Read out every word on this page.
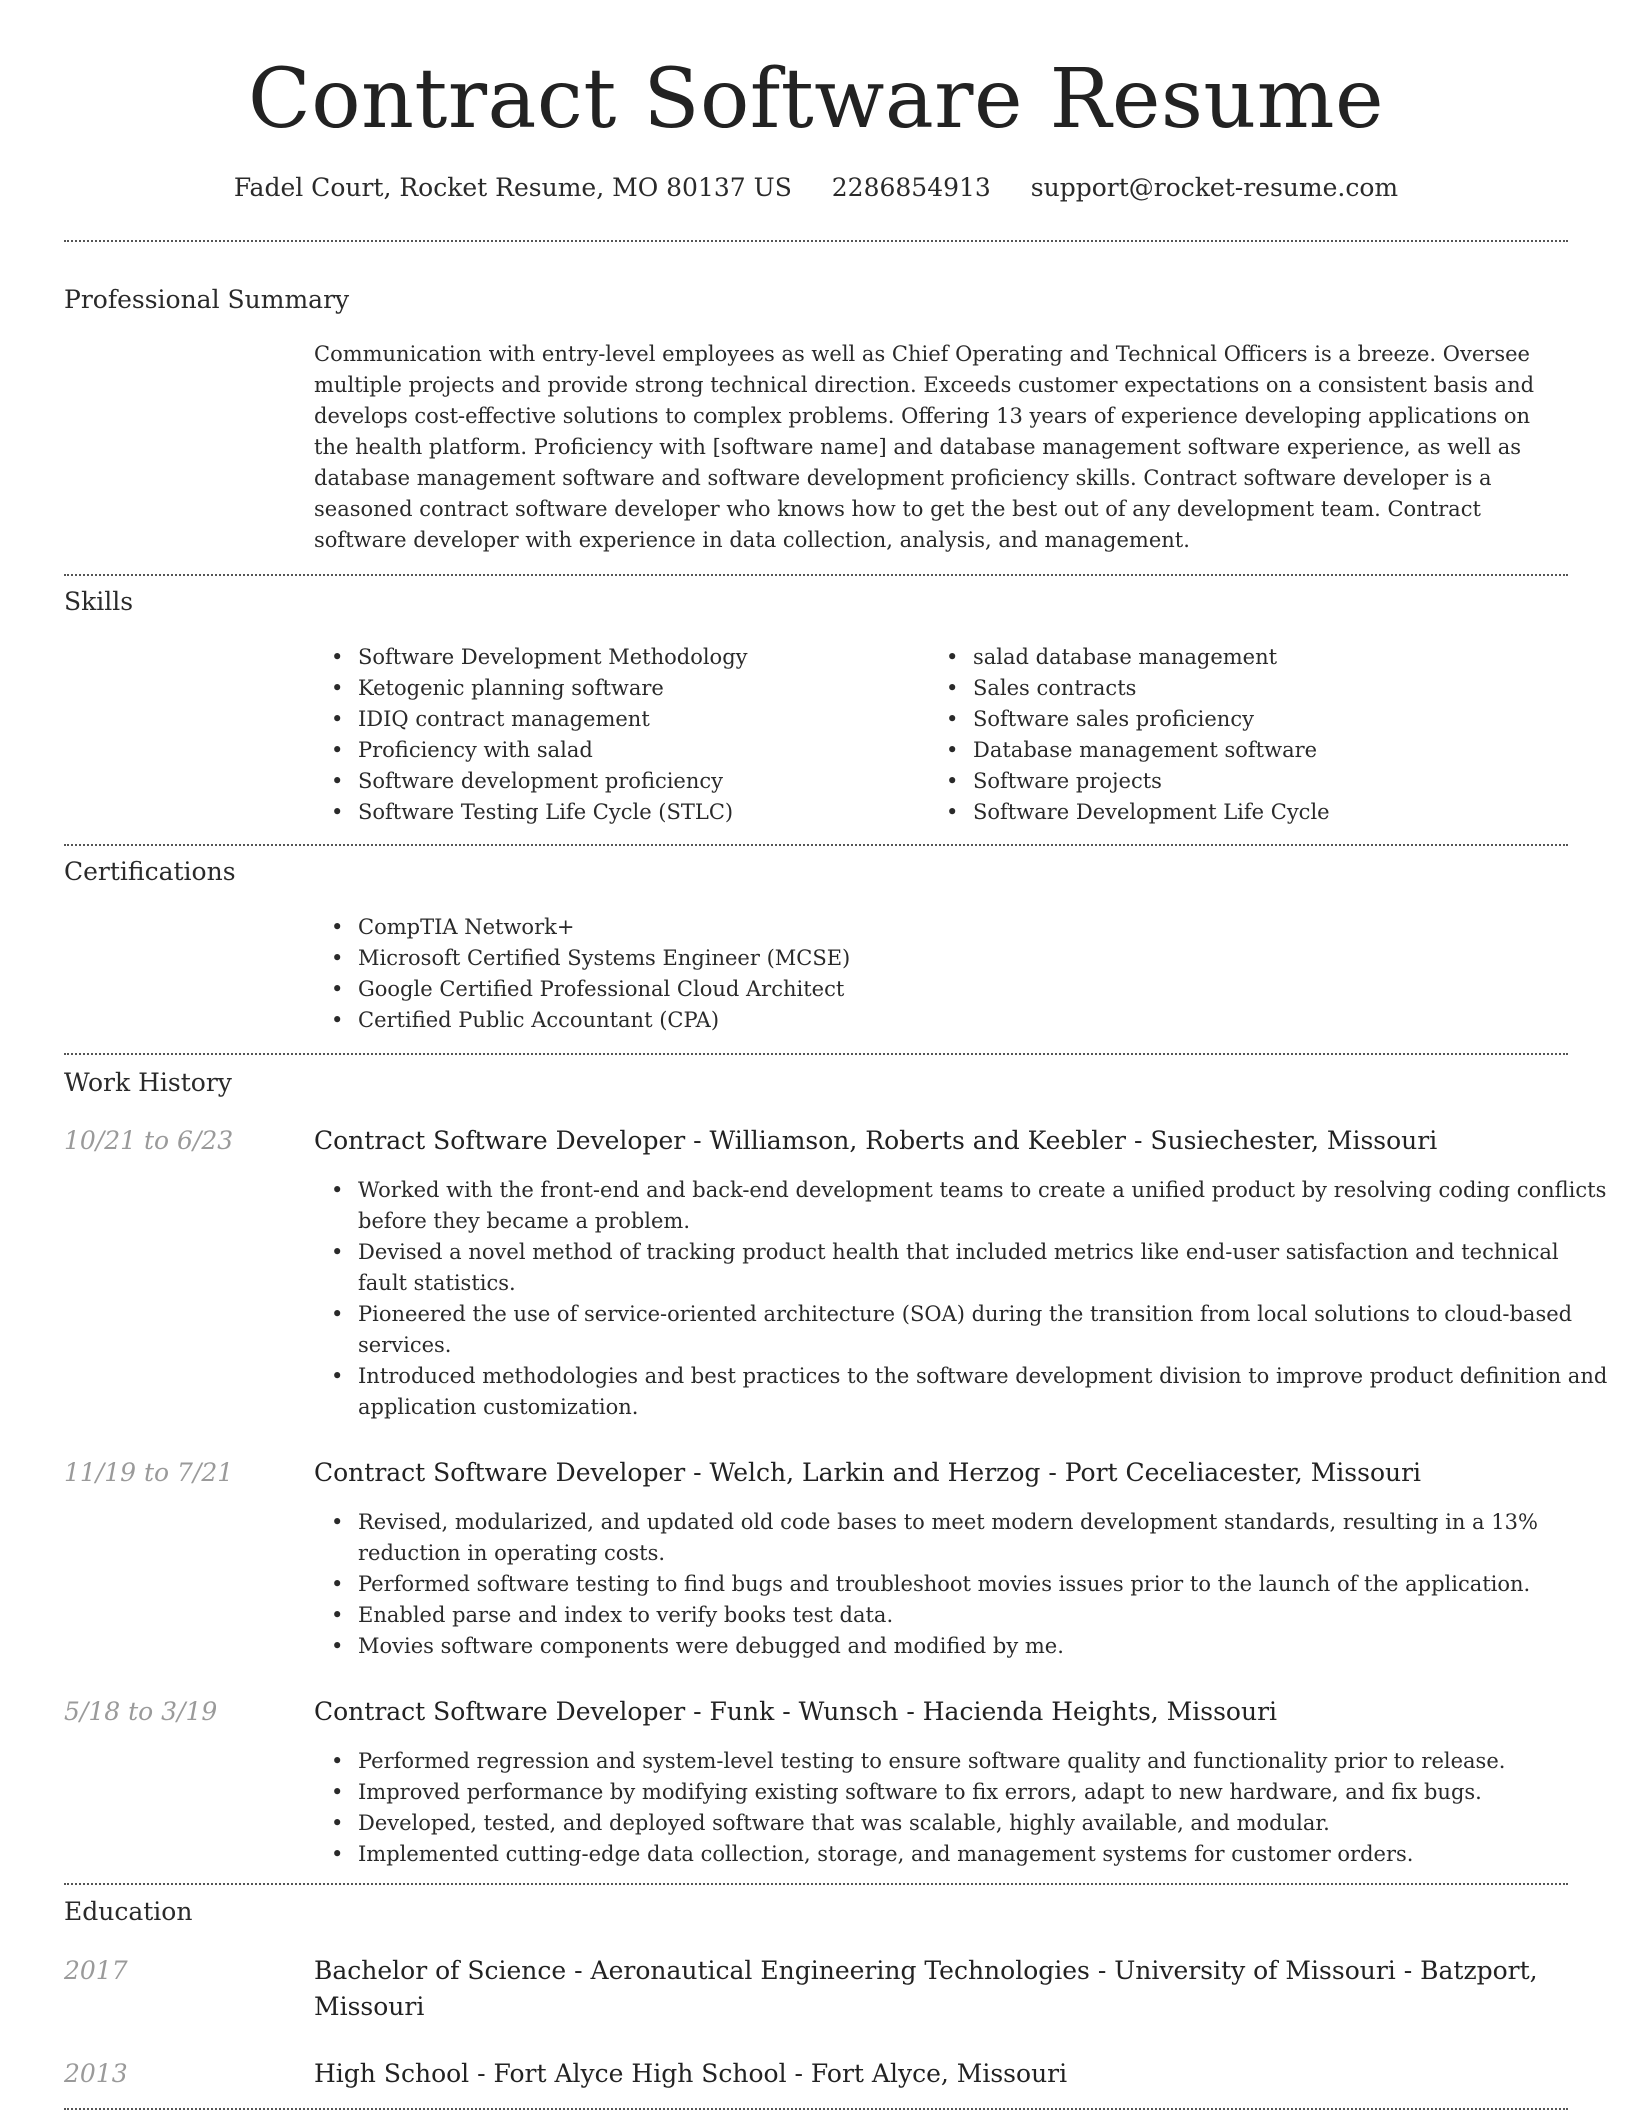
Contract Software Resume
Fadel Court, Rocket Resume, MO 80137 US 2286854913 support@rocket-resume.com
Professional Summary

Communication with entry-level employees as well as Chief Operating and Technical Officers is a breeze. Oversee multiple projects and provide strong technical direction. Exceeds customer expectations on a consistent basis and develops cost-effective solutions to complex problems. Offering 13 years of experience developing applications on the health platform. Proficiency with [software name] and database management software experience, as well as database management software and software development proficiency skills. Contract software developer is a seasoned contract software developer who knows how to get the best out of any development team. Contract software developer with experience in data collection, analysis, and management.

Skills
• Software Development Methodology
• Ketogenic planning software
• IDIQ contract management
• Proficiency with salad
• Software development proficiency
• Software Testing Life Cycle (STLC)
• salad database management
• Sales contracts
• Software sales proficiency
• Database management software
• Software projects
• Software Development Life Cycle
Certifications
• CompTIA Network+
• Microsoft Certified Systems Engineer (MCSE)
• Google Certified Professional Cloud Architect
• Certified Public Accountant (CPA)
Work History
10/21 to 6/23	Contract Software Developer - Williamson, Roberts and Keebler - Susiechester, Missouri
• Worked with the front-end and back-end development teams to create a unified product by resolving coding conflicts before they became a problem.
• Devised a novel method of tracking product health that included metrics like end-user satisfaction and technical fault statistics.
• Pioneered the use of service-oriented architecture (SOA) during the transition from local solutions to cloud-based services.
• Introduced methodologies and best practices to the software development division to improve product definition and application customization.
11/19 to 7/21	Contract Software Developer - Welch, Larkin and Herzog - Port Ceceliacester, Missouri
• Revised, modularized, and updated old code bases to meet modern development standards, resulting in a 13% reduction in operating costs.
• Performed software testing to find bugs and troubleshoot movies issues prior to the launch of the application.
• Enabled parse and index to verify books test data.
• Movies software components were debugged and modified by me.
5/18 to 3/19	Contract Software Developer - Funk - Wunsch - Hacienda Heights, Missouri
• Performed regression and system-level testing to ensure software quality and functionality prior to release.
• Improved performance by modifying existing software to fix errors, adapt to new hardware, and fix bugs.
• Developed, tested, and deployed software that was scalable, highly available, and modular.
• Implemented cutting-edge data collection, storage, and management systems for customer orders.
Education
2017	Bachelor of Science - Aeronautical Engineering Technologies - University of Missouri - Batzport, Missouri
2013	High School - Fort Alyce High School - Fort Alyce, Missouri
